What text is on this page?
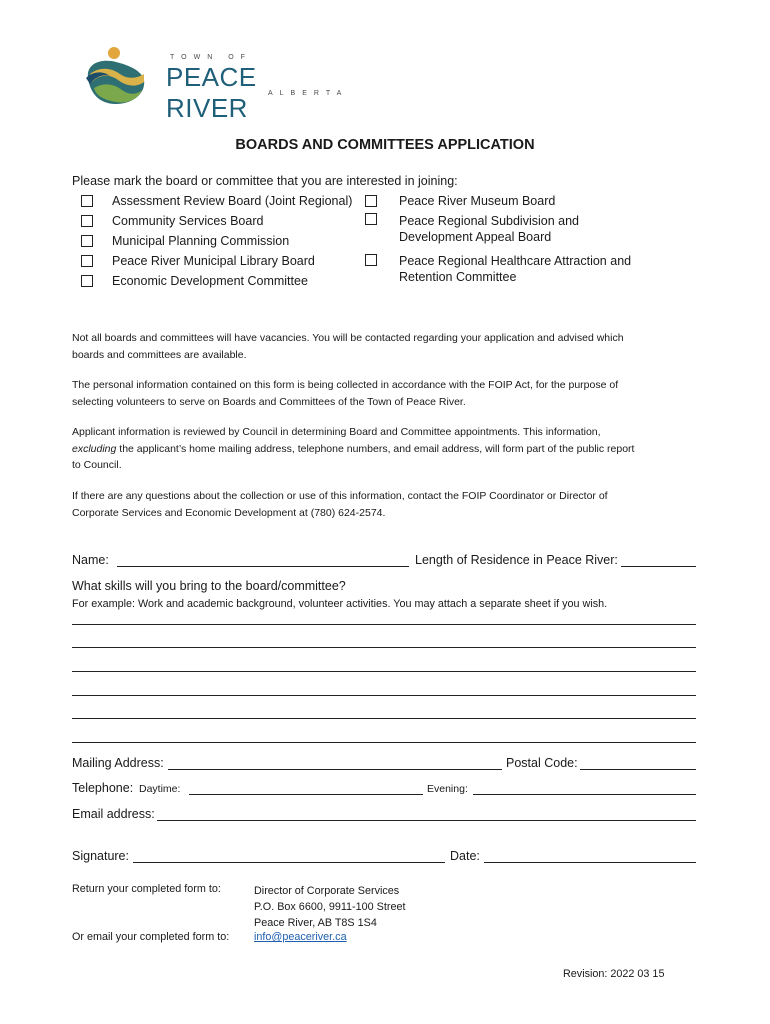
TOWN OF
PEACE RIVER	ALBERTA
BOARDS AND COMMITTEES APPLICATION
Please mark the board or committee that you are interested in joining:
Assessment Review Board (Joint Regional)
Community Services Board
Municipal Planning Commission
Peace River Municipal Library Board
Economic Development Committee
Peace River Museum Board
Peace Regional Subdivision and
Development Appeal Board
Peace Regional Healthcare Attraction and
Retention Committee
Not all boards and committees will have vacancies. You will be contacted regarding your application and advised which
boards and committees are available.
The personal information contained on this form is being collected in accordance with the FOIP Act, for the purpose of
selecting volunteers to serve on Boards and Committees of the Town of Peace River.
Applicant information is reviewed by Council in determining Board and Committee appointments. This information,
excluding the applicant’s home mailing address, telephone numbers, and email address, will form part of the public report
to Council.
If there are any questions about the collection or use of this information, contact the FOIP Coordinator or Director of
Corporate Services and Economic Development at (780) 624-2574.
Name:	Length of Residence in Peace River:
What skills will you bring to the board/committee?
For example: Work and academic background, volunteer activities. You may attach a separate sheet if you wish.
Mailing Address:	Postal Code:
Telephone: Daytime:	Evening:
Email address:
Signature:	Date:
Return your completed form to:	Director of Corporate Services
P.O. Box 6600, 9911-100 Street
Peace River, AB T8S 1S4
Or email your completed form to: info@peaceriver.ca
Revision: 2022 03 15
